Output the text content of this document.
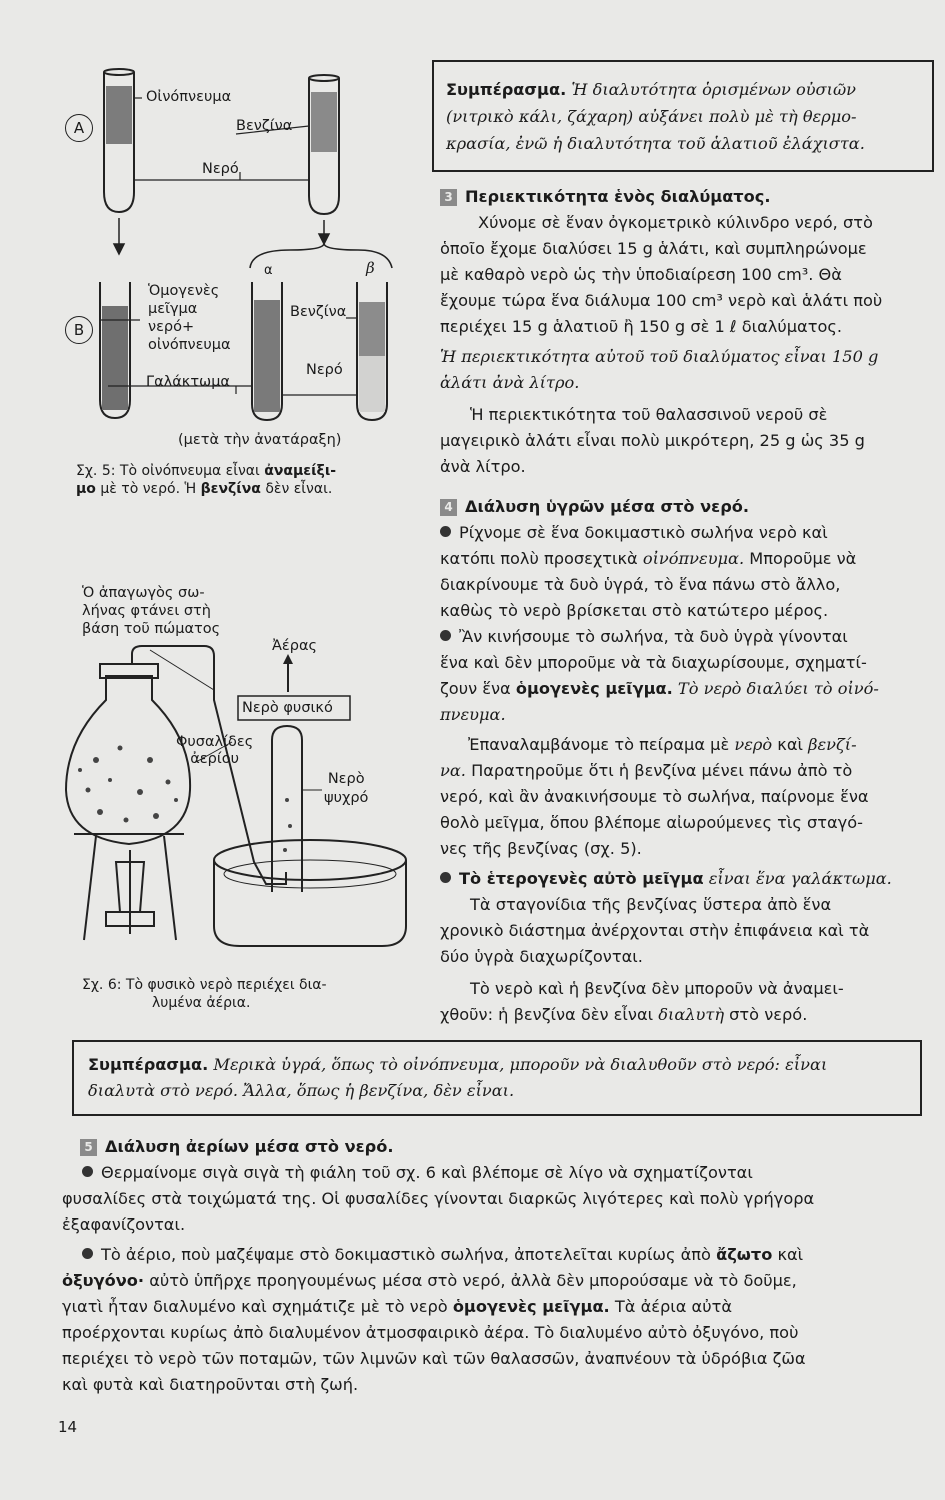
A
B
Οἰνόπνευμα
Βενζίνα
Νερό
α	β
Ὁμογενὲς
μεῖγμα
νερό+
οἰνόπνευμα
Γαλάκτωμα
Βενζίνα
Νερό
(μετὰ τὴν ἀνατάραξη)
Σχ. 5: Τὸ οἰνόπνευμα εἶναι ἀναμείξι-
μο μὲ τὸ νερό. Ἡ βενζίνα δὲν εἶναι.
Ὁ ἀπαγωγὸς σω-
λήνας φτάνει στὴ
βάση τοῦ πώματος
Ἀέρας
Νερὸ φυσικό
Φυσαλίδες
ἀερίου
Νερὸ
ψυχρό
Σχ. 6: Τὸ φυσικὸ νερὸ περιέχει δια-
λυμένα ἀέρια.
Συμπέρασμα. Ἡ διαλυτότητα ὁρισμένων οὐσιῶν
(νιτρικὸ κάλι, ζάχαρη) αὐξάνει πολὺ μὲ τὴ θερμο-
κρασία, ἐνῶ ἡ διαλυτότητα τοῦ ἁλατιοῦ ἐλάχιστα.
3 Περιεκτικότητα ἑνὸς διαλύματος.
Χύνομε σὲ ἕναν ὀγκομετρικὸ κύλινδρο νερό, στὸ
ὁποῖο ἔχομε διαλύσει 15 g ἁλάτι, καὶ συμπληρώνομε
μὲ καθαρὸ νερὸ ὡς τὴν ὑποδιαίρεση 100 cm³. Θὰ
ἔχουμε τώρα ἕνα διάλυμα 100 cm³ νερὸ καὶ ἁλάτι ποὺ
περιέχει 15 g ἁλατιοῦ ἢ 150 g σὲ 1 ℓ διαλύματος.
Ἡ περιεκτικότητα αὐτοῦ τοῦ διαλύματος εἶναι 150 g
ἁλάτι ἀνὰ λίτρο.
Ἡ περιεκτικότητα τοῦ θαλασσινοῦ νεροῦ σὲ
μαγειρικὸ ἁλάτι εἶναι πολὺ μικρότερη, 25 g ὡς 35 g
ἀνὰ λίτρο.
4 Διάλυση ὑγρῶν μέσα στὸ νερό.
Ρίχνομε σὲ ἕνα δοκιμαστικὸ σωλήνα νερὸ καὶ
κατόπι πολὺ προσεχτικὰ οἰνόπνευμα. Μποροῦμε νὰ
διακρίνουμε τὰ δυὸ ὑγρά, τὸ ἕνα πάνω στὸ ἄλλο,
καθὼς τὸ νερὸ βρίσκεται στὸ κατώτερο μέρος.
Ἂν κινήσουμε τὸ σωλήνα, τὰ δυὸ ὑγρὰ γίνονται
ἕνα καὶ δὲν μποροῦμε νὰ τὰ διαχωρίσουμε, σχηματί-
ζουν ἕνα ὁμογενὲς μεῖγμα. Τὸ νερὸ διαλύει τὸ οἰνό-
πνευμα.
Ἐπαναλαμβάνομε τὸ πείραμα μὲ νερὸ καὶ βενζί-
να. Παρατηροῦμε ὅτι ἡ βενζίνα μένει πάνω ἀπὸ τὸ
νερό, καὶ ἂν ἀνακινήσουμε τὸ σωλήνα, παίρνομε ἕνα
θολὸ μεῖγμα, ὅπου βλέπομε αἰωρούμενες τὶς σταγό-
νες τῆς βενζίνας (σχ. 5).
Τὸ ἑτερογενὲς αὐτὸ μεῖγμα εἶναι ἕνα γαλάκτωμα.
Τὰ σταγονίδια τῆς βενζίνας ὕστερα ἀπὸ ἕνα
χρονικὸ διάστημα ἀνέρχονται στὴν ἐπιφάνεια καὶ τὰ
δύο ὑγρὰ διαχωρίζονται.
Τὸ νερὸ καὶ ἡ βενζίνα δὲν μποροῦν νὰ ἀναμει-
χθοῦν: ἡ βενζίνα δὲν εἶναι διαλυτὴ στὸ νερό.
Συμπέρασμα. Μερικὰ ὑγρά, ὅπως τὸ οἰνόπνευμα, μποροῦν νὰ διαλυθοῦν στὸ νερό: εἶναι
διαλυτὰ στὸ νερό. Ἄλλα, ὅπως ἡ βενζίνα, δὲν εἶναι.
5 Διάλυση ἀερίων μέσα στὸ νερό.
Θερμαίνομε σιγὰ σιγὰ τὴ φιάλη τοῦ σχ. 6 καὶ βλέπομε σὲ λίγο νὰ σχηματίζονται
φυσαλίδες στὰ τοιχώματά της. Οἱ φυσαλίδες γίνονται διαρκῶς λιγότερες καὶ πολὺ γρήγορα
ἐξαφανίζονται.
Τὸ ἀέριο, ποὺ μαζέψαμε στὸ δοκιμαστικὸ σωλήνα, ἀποτελεῖται κυρίως ἀπὸ ἄζωτο καὶ
ὀξυγόνο· αὐτὸ ὑπῆρχε προηγουμένως μέσα στὸ νερό, ἀλλὰ δὲν μπορούσαμε νὰ τὸ δοῦμε,
γιατὶ ἦταν διαλυμένο καὶ σχημάτιζε μὲ τὸ νερὸ ὁμογενὲς μεῖγμα. Τὰ ἀέρια αὐτὰ
προέρχονται κυρίως ἀπὸ διαλυμένον ἀτμοσφαιρικὸ ἀέρα. Τὸ διαλυμένο αὐτὸ ὀξυγόνο, ποὺ
περιέχει τὸ νερὸ τῶν ποταμῶν, τῶν λιμνῶν καὶ τῶν θαλασσῶν, ἀναπνέουν τὰ ὑδρόβια ζῶα
καὶ φυτὰ καὶ διατηροῦνται στὴ ζωή.
14
